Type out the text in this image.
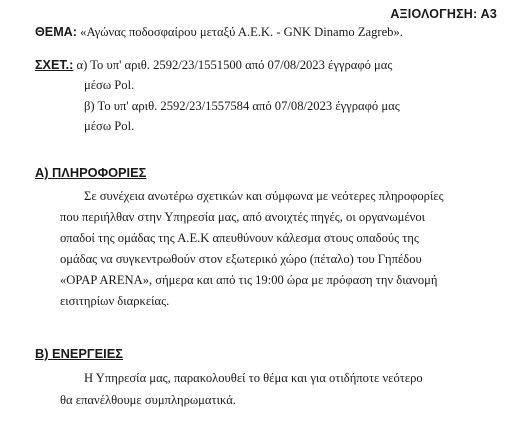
ΑΞΙΟΛΟΓΗΣΗ: Α3
ΘΕΜΑ: «Αγώνας ποδοσφαίρου μεταξύ Α.Ε.Κ. - GNK Dinamo Zagreb».
ΣΧΕΤ.: α) Το υπ' αριθ. 2592/23/1551500 από 07/08/2023 έγγραφό μας
μέσω Pol.
β) Το υπ' αριθ. 2592/23/1557584 από 07/08/2023 έγγραφό μας
μέσω Pol.
Α) ΠΛΗΡΟΦΟΡΙΕΣ
Σε συνέχεια ανωτέρω σχετικών και σύμφωνα με νεότερες πληροφορίες
που περιήλθαν στην Υπηρεσία μας, από ανοιχτές πηγές, οι οργανωμένοι
οπαδοί της ομάδας της Α.Ε.Κ απευθύνουν κάλεσμα στους οπαδούς της
ομάδας να συγκεντρωθούν στον εξωτερικό χώρο (πέταλο) του Γηπέδου
«OPAP ARENA», σήμερα και από τις 19:00 ώρα με πρόφαση την διανομή
εισιτηρίων διαρκείας.
Β) ΕΝΕΡΓΕΙΕΣ
Η Υπηρεσία μας, παρακολουθεί το θέμα και για οτιδήποτε νεότερο
θα επανέλθουμε συμπληρωματικά.
